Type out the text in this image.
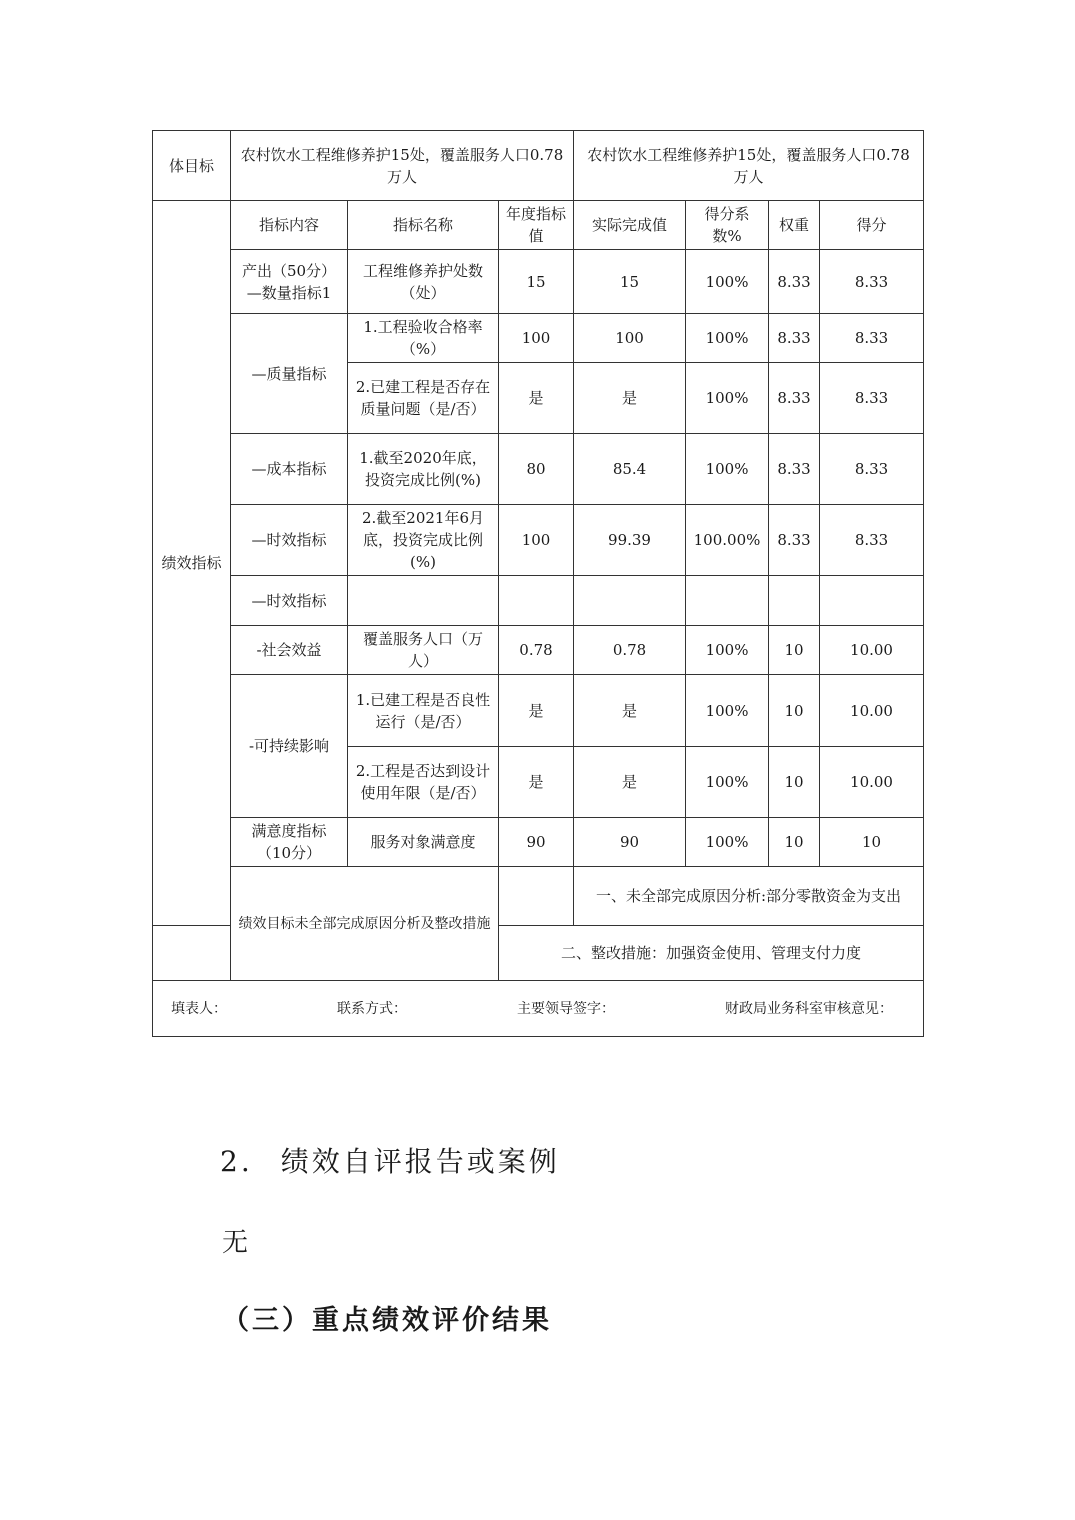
体目标	农村饮水工程维修养护15处，覆盖服务人口0.78万人			农村饮水工程维修养护15处，覆盖服务人口0.78万人			
绩效指标	指标内容	指标名称	年度指标值	实际完成值	得分系数%	权重	得分
	产出（50分） —数量指标1	工程维修养护处数（处）	15	15	100%	8.33	8.33
	—质量指标	1.工程验收合格率（%）	100	100	100%	8.33	8.33
		2.已建工程是否存在质量问题（是/否）	是	是	100%	8.33	8.33
	—成本指标	1.截至2020年底，投资完成比例(%)	80	85.4	100%	8.33	8.33
	—时效指标	2.截至2021年6月底，投资完成比例(%)	100	99.39	100.00%	8.33	8.33
	—时效指标						
	-社会效益	覆盖服务人口（万人）	0.78	0.78	100%	10	10.00
	-可持续影响	1.已建工程是否良性运行（是/否）	是	是	100%	10	10.00
		2.工程是否达到设计使用年限（是/否）	是	是	100%	10	10.00
	满意度指标（10分）	服务对象满意度	90	90	100%	10	10
	绩效目标未全部完成原因分析及整改措施			一、未全部完成原因分析:部分零散资金为支出			
			二、整改措施：加强资金使用、管理支付力度				

填表人： 联系方式： 主要领导签字： 财政局业务科室审核意见：							
2. 绩效自评报告或案例
无
（三）重点绩效评价结果
